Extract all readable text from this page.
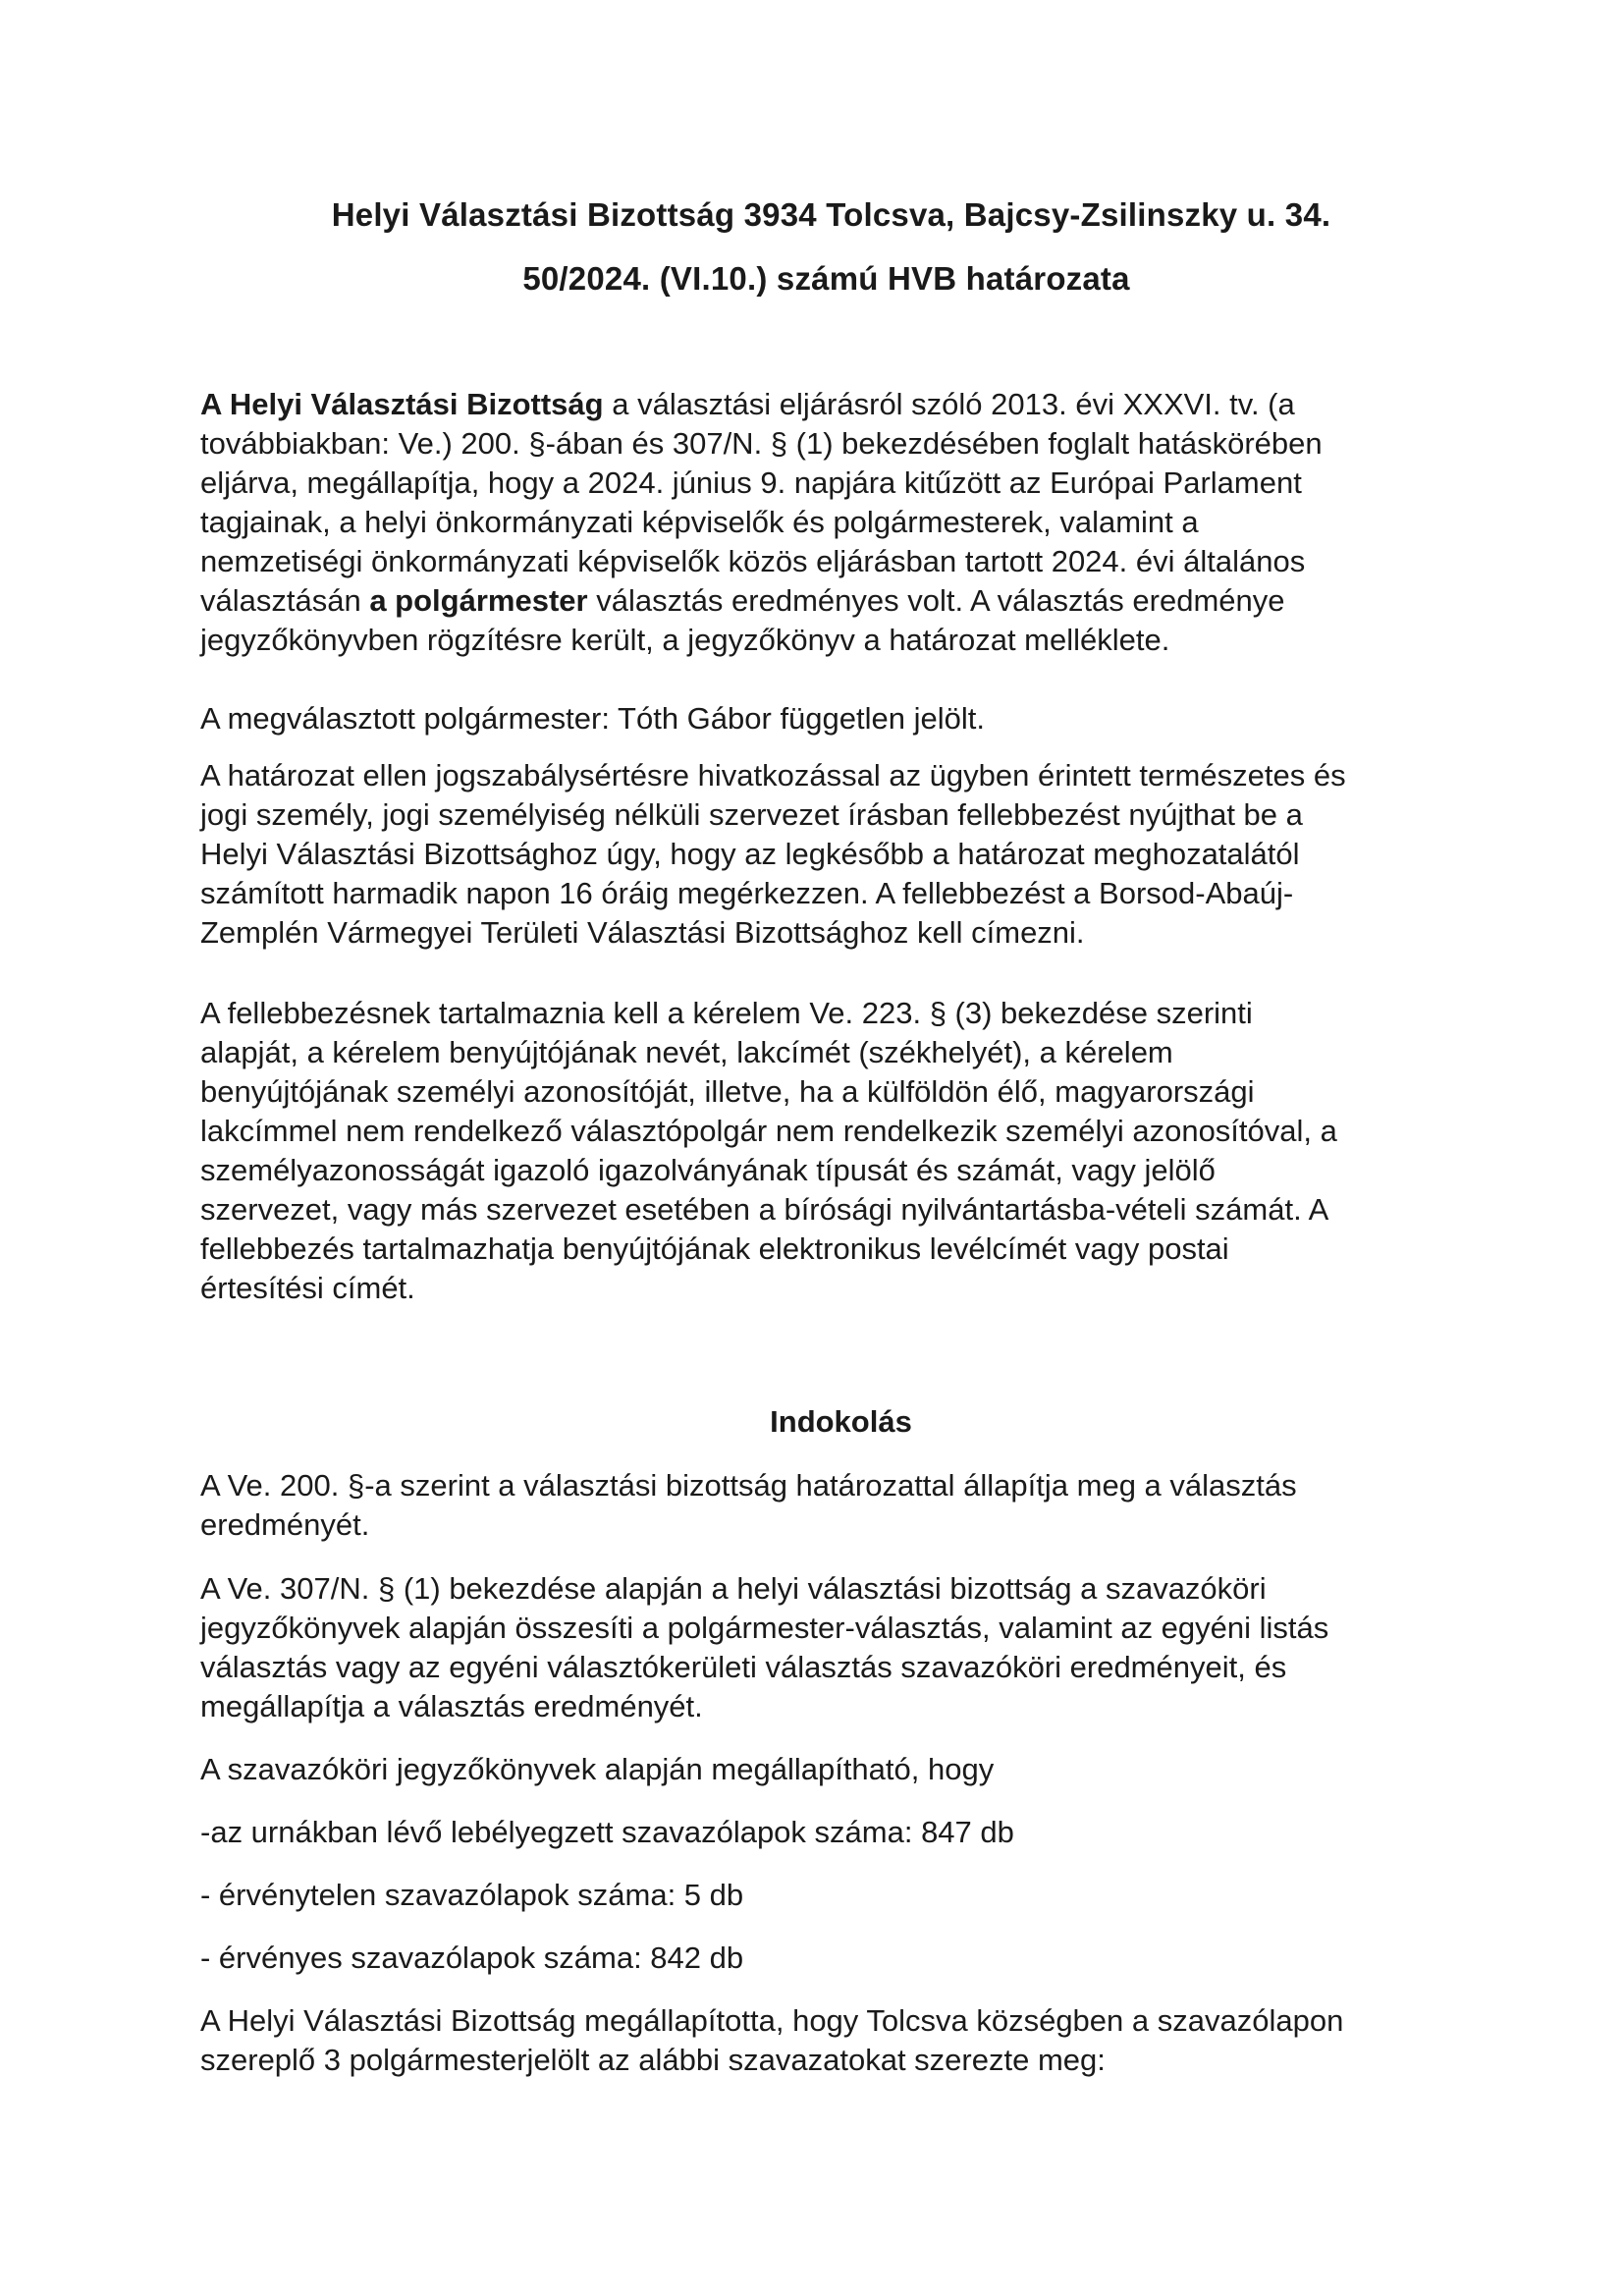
Helyi Választási Bizottság 3934 Tolcsva, Bajcsy-Zsilinszky u. 34.
50/2024. (VI.10.) számú HVB határozata
A Helyi Választási Bizottság a választási eljárásról szóló 2013. évi XXXVI. tv. (a
továbbiakban: Ve.) 200. §-ában és 307/N. § (1) bekezdésében foglalt hatáskörében
eljárva, megállapítja, hogy a 2024. június 9. napjára kitűzött az Európai Parlament
tagjainak, a helyi önkormányzati képviselők és polgármesterek, valamint a
nemzetiségi önkormányzati képviselők közös eljárásban tartott 2024. évi általános
választásán a polgármester választás eredményes volt. A választás eredménye
jegyzőkönyvben rögzítésre került, a jegyzőkönyv a határozat melléklete.
A megválasztott polgármester: Tóth Gábor független jelölt.
A határozat ellen jogszabálysértésre hivatkozással az ügyben érintett természetes és
jogi személy, jogi személyiség nélküli szervezet írásban fellebbezést nyújthat be a
Helyi Választási Bizottsághoz úgy, hogy az legkésőbb a határozat meghozatalától
számított harmadik napon 16 óráig megérkezzen. A fellebbezést a Borsod-Abaúj-
Zemplén Vármegyei Területi Választási Bizottsághoz kell címezni.
A fellebbezésnek tartalmaznia kell a kérelem Ve. 223. § (3) bekezdése szerinti
alapját, a kérelem benyújtójának nevét, lakcímét (székhelyét), a kérelem
benyújtójának személyi azonosítóját, illetve, ha a külföldön élő, magyarországi
lakcímmel nem rendelkező választópolgár nem rendelkezik személyi azonosítóval, a
személyazonosságát igazoló igazolványának típusát és számát, vagy jelölő
szervezet, vagy más szervezet esetében a bírósági nyilvántartásba-vételi számát. A
fellebbezés tartalmazhatja benyújtójának elektronikus levélcímét vagy postai
értesítési címét.
Indokolás
A Ve. 200. §-a szerint a választási bizottság határozattal állapítja meg a választás
eredményét.
A Ve. 307/N. § (1) bekezdése alapján a helyi választási bizottság a szavazóköri
jegyzőkönyvek alapján összesíti a polgármester-választás, valamint az egyéni listás
választás vagy az egyéni választókerületi választás szavazóköri eredményeit, és
megállapítja a választás eredményét.
A szavazóköri jegyzőkönyvek alapján megállapítható, hogy
-az urnákban lévő lebélyegzett szavazólapok száma: 847 db
- érvénytelen szavazólapok száma: 5 db
- érvényes szavazólapok száma: 842 db
A Helyi Választási Bizottság megállapította, hogy Tolcsva községben a szavazólapon
szereplő 3 polgármesterjelölt az alábbi szavazatokat szerezte meg:
